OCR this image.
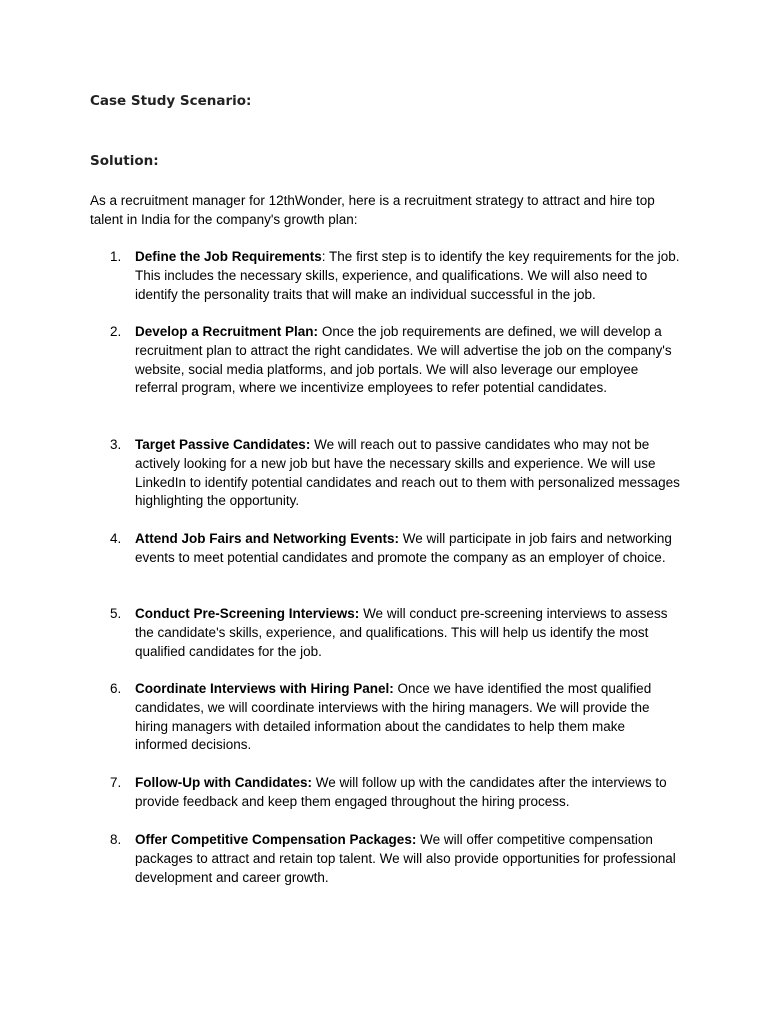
Case Study Scenario:
Solution:

As a recruitment manager for 12thWonder, here is a recruitment strategy to attract and hire top talent in India for the company's growth plan:

1.	Define the Job Requirements: The first step is to identify the key requirements for the job. This includes the necessary skills, experience, and qualifications. We will also need to identify the personality traits that will make an individual successful in the job.
2.	Develop a Recruitment Plan: Once the job requirements are defined, we will develop a recruitment plan to attract the right candidates. We will advertise the job on the company's website, social media platforms, and job portals. We will also leverage our employee referral program, where we incentivize employees to refer potential candidates.
3.	Target Passive Candidates: We will reach out to passive candidates who may not be actively looking for a new job but have the necessary skills and experience. We will use LinkedIn to identify potential candidates and reach out to them with personalized messages highlighting the opportunity.
4.	Attend Job Fairs and Networking Events: We will participate in job fairs and networking events to meet potential candidates and promote the company as an employer of choice.
5.	Conduct Pre-Screening Interviews: We will conduct pre-screening interviews to assess the candidate's skills, experience, and qualifications. This will help us identify the most qualified candidates for the job.
6.	Coordinate Interviews with Hiring Panel: Once we have identified the most qualified candidates, we will coordinate interviews with the hiring managers. We will provide the hiring managers with detailed information about the candidates to help them make informed decisions.
7.	Follow-Up with Candidates: We will follow up with the candidates after the interviews to provide feedback and keep them engaged throughout the hiring process.
8.	Offer Competitive Compensation Packages: We will offer competitive compensation packages to attract and retain top talent. We will also provide opportunities for professional development and career growth.
